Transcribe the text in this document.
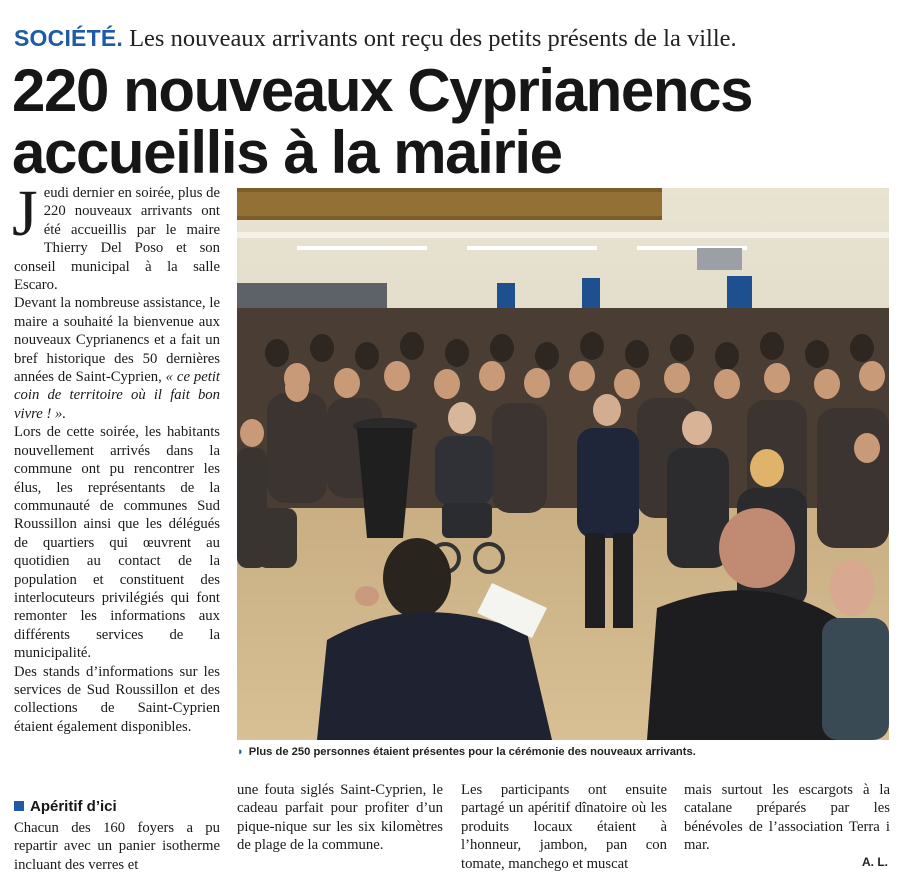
SOCIÉTÉ. Les nouveaux arrivants ont reçu des petits présents de la ville.
220 nouveaux Cyprianencs accueillis à la mairie
J eudi dernier en soirée, plus de 220 nouveaux arrivants ont été accueillis par le maire Thierry Del Poso et son conseil municipal à la salle Escaro.

Devant la nombreuse assistance, le maire a souhaité la bienvenue aux nouveaux Cyprianencs et a fait un bref historique des 50 dernières années de Saint-Cyprien, « ce petit coin de territoire où il fait bon vivre ! ».

Lors de cette soirée, les habitants nouvellement arrivés dans la commune ont pu rencontrer les élus, les représentants de la communauté de communes Sud Roussillon ainsi que les délégués de quartiers qui œuvrent au quotidien au contact de la population et constituent des interlocuteurs privilégiés qui font remonter les informations aux différents services de la municipalité.

Des stands d’informations sur les services de Sud Roussillon et des collections de Saint-Cyprien étaient également disponibles.

◗ Plus de 250 personnes étaient présentes pour la cérémonie des nouveaux arrivants.
Apéritif d’ici

Chacun des 160 foyers a pu repartir avec un panier isotherme incluant des verres et

une fouta siglés Saint-Cyprien, le cadeau parfait pour profiter d’un pique-nique sur les six kilomètres de plage de la commune.

Les participants ont ensuite partagé un apéritif dînatoire où les produits locaux étaient à l’honneur, jambon, pan con tomate, manchego et muscat

mais surtout les escargots à la catalane préparés par les bénévoles de l’association Terra i mar.

A. L.
